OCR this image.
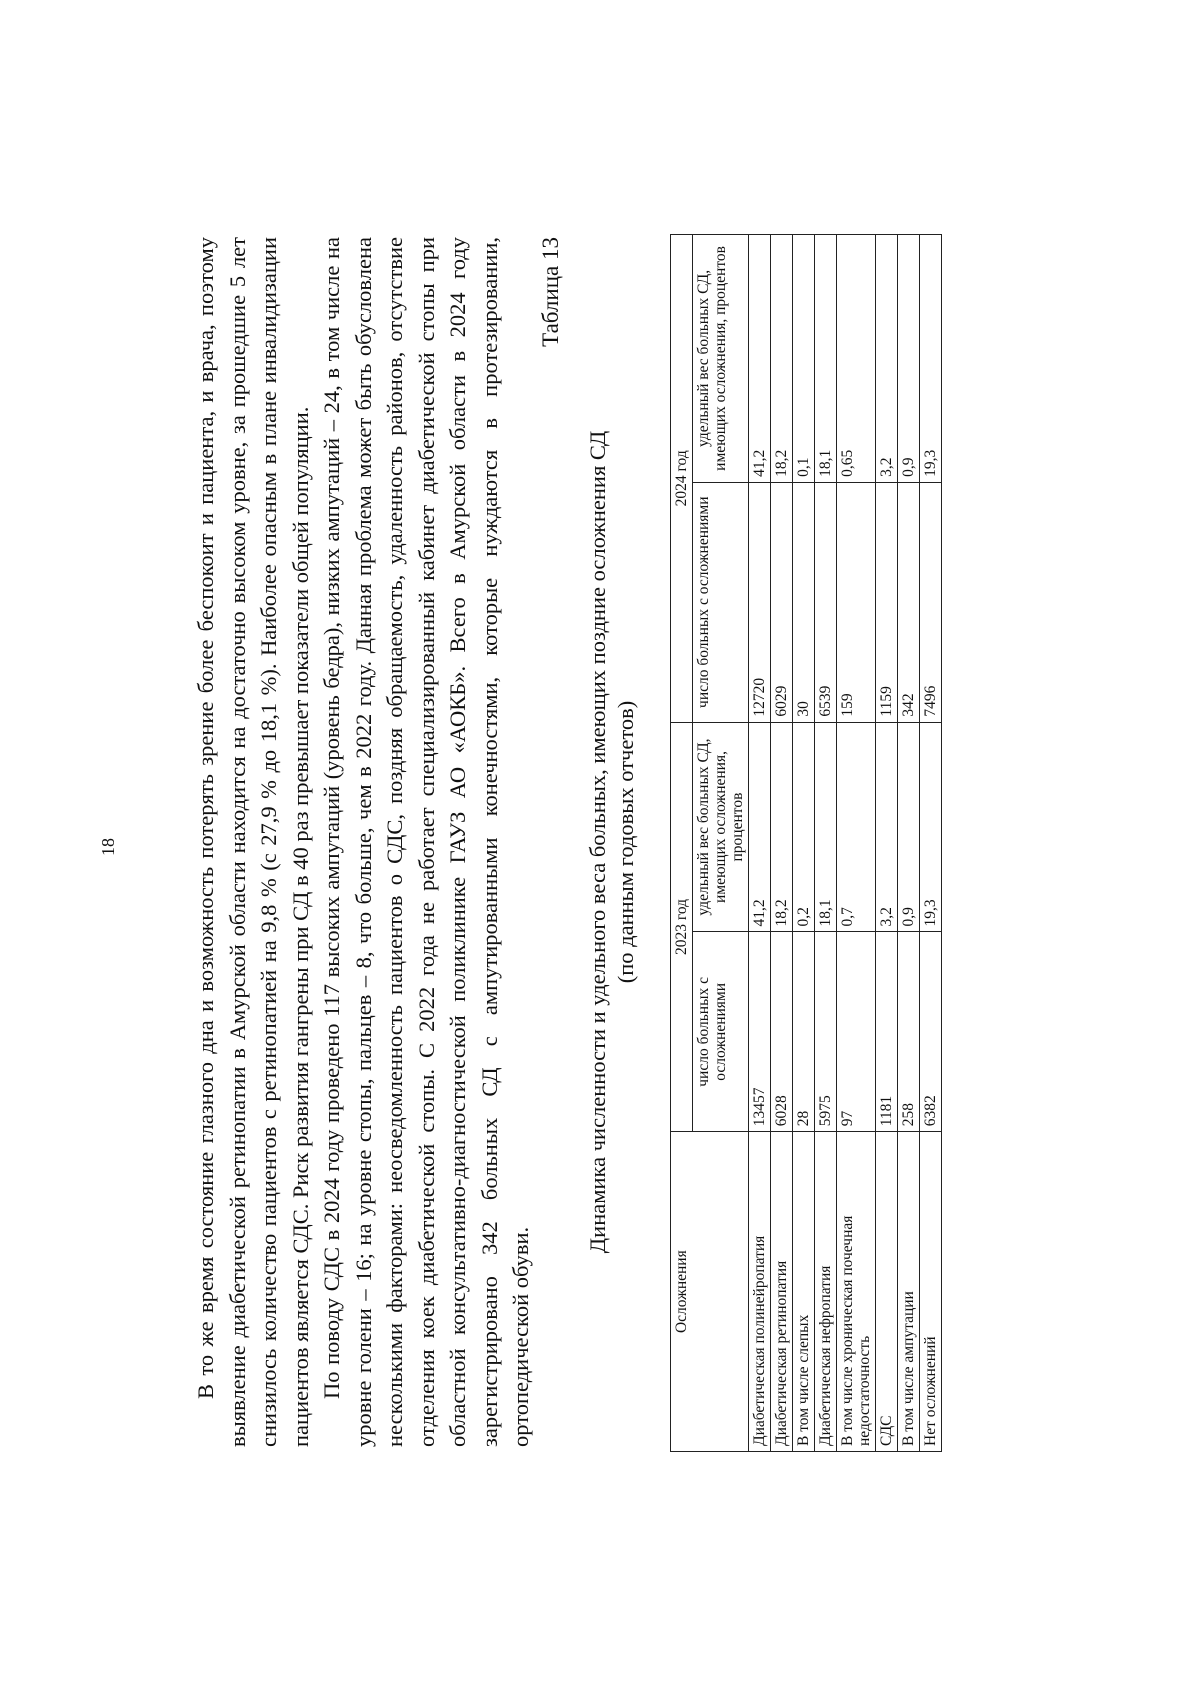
18	В то же время состояние глазного дна и возможность потерять зрение более беспокоит и пациента, и врача, поэтому выявление диабетической ретинопатии в Амурской области находится на достаточно высоком уровне, за прошедшие 5 лет снизилось количество пациентов с ретинопатией на 9,8 % (с 27,9 % до 18,1 %). Наиболее опасным в плане инвалидизации пациентов является СДС. Риск развития гангрены при СД в 40 раз превышает показатели общей популяции. По поводу СДС в 2024 году проведено 117 высоких ампутаций (уровень бедра), низких ампутаций – 24, в том числе на уровне голени – 16; на уровне стопы, пальцев – 8, что больше, чем в 2022 году. Данная проблема может быть обусловлена несколькими факторами: неосведомленность пациентов о СДС, поздняя обращаемость, удаленность районов, отсутствие отделения коек диабетической стопы. С 2022 года не работает специализированный кабинет диабетической стопы при областной консультативно-диагностической поликлинике ГАУЗ АО «АОКБ». Всего в Амурской области в 2024 году зарегистрировано 342 больных СД с ампутированными конечностями, которые нуждаются в протезировании, ортопедической обуви.

Таблица 13
Динамика численности и удельного веса больных, имеющих поздние осложнения СД (по данным годовых отчетов)
Осложнения	2023 год		2024 год	
	число больных с осложнениями	удельный вес больных СД, имеющих осложнения, процентов	число больных с осложнениями	удельный вес больных СД, имеющих осложнения, процентов
Диабетическая полинейропатия	13457	41,2	12720	41,2
Диабетическая ретинопатия	6028	18,2	6029	18,2
В том числе слепых	28	0,2	30	0,1
Диабетическая нефропатия	5975	18,1	6539	18,1
В том числе хроническая почечная недостаточность	97	0,7	159	0,65
СДС	1181	3,2	1159	3,2
В том числе ампутации	258	0,9	342	0,9
Нет осложнений	6382	19,3	7496	19,3
